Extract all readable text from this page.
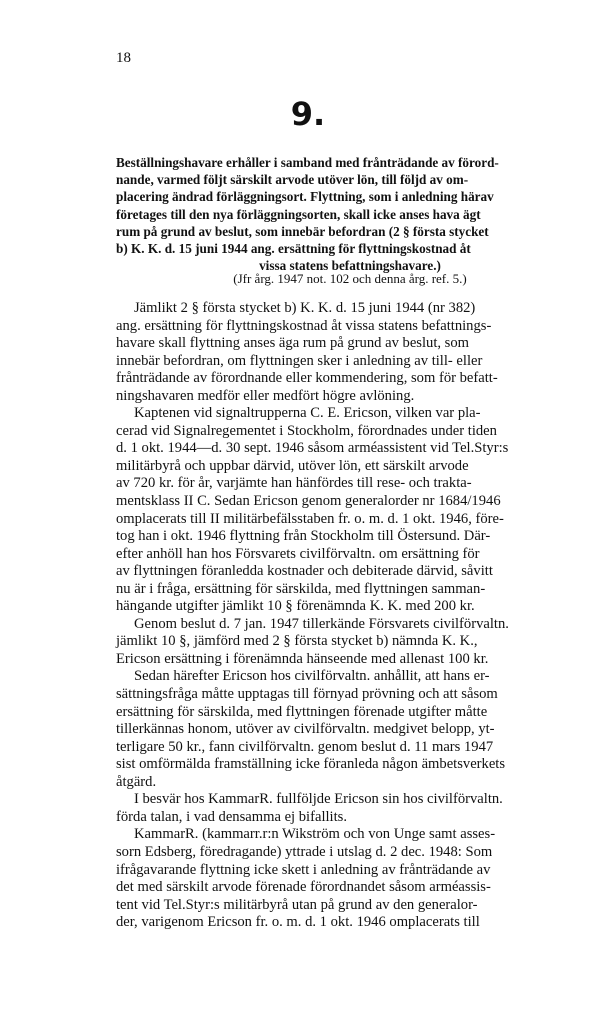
18
9.
Beställningshavare erhåller i samband med frånträdande av förord-
nande, varmed följt särskilt arvode utöver lön, till följd av om-
placering ändrad förläggningsort. Flyttning, som i anledning härav
företages till den nya förläggningsorten, skall icke anses hava ägt
rum på grund av beslut, som innebär befordran (2 § första stycket
b) K. K. d. 15 juni 1944 ang. ersättning för flyttningskostnad åt
vissa statens befattningshavare.)
(Jfr årg. 1947 not. 102 och denna årg. ref. 5.)
Jämlikt 2 § första stycket b) K. K. d. 15 juni 1944 (nr 382)
ang. ersättning för flyttningskostnad åt vissa statens befattnings-
havare skall flyttning anses äga rum på grund av beslut, som
innebär befordran, om flyttningen sker i anledning av till- eller
frånträdande av förordnande eller kommendering, som för befatt-
ningshavaren medför eller medfört högre avlöning.
Kaptenen vid signaltrupperna C. E. Ericson, vilken var pla-
cerad vid Signalregementet i Stockholm, förordnades under tiden
d. 1 okt. 1944—d. 30 sept. 1946 såsom arméassistent vid Tel.Styr:s
militärbyrå och uppbar därvid, utöver lön, ett särskilt arvode
av 720 kr. för år, varjämte han hänfördes till rese- och trakta-
mentsklass II C. Sedan Ericson genom generalorder nr 1684/1946
omplacerats till II militärbefälsstaben fr. o. m. d. 1 okt. 1946, före-
tog han i okt. 1946 flyttning från Stockholm till Östersund. Där-
efter anhöll han hos Försvarets civilförvaltn. om ersättning för
av flyttningen föranledda kostnader och debiterade därvid, såvitt
nu är i fråga, ersättning för särskilda, med flyttningen samman-
hängande utgifter jämlikt 10 § förenämnda K. K. med 200 kr.
Genom beslut d. 7 jan. 1947 tillerkände Försvarets civilförvaltn.
jämlikt 10 §, jämförd med 2 § första stycket b) nämnda K. K.,
Ericson ersättning i förenämnda hänseende med allenast 100 kr.
Sedan härefter Ericson hos civilförvaltn. anhållit, att hans er-
sättningsfråga måtte upptagas till förnyad prövning och att såsom
ersättning för särskilda, med flyttningen förenade utgifter måtte
tillerkännas honom, utöver av civilförvaltn. medgivet belopp, yt-
terligare 50 kr., fann civilförvaltn. genom beslut d. 11 mars 1947
sist omförmälda framställning icke föranleda någon ämbetsverkets
åtgärd.
I besvär hos KammarR. fullföljde Ericson sin hos civilförvaltn.
förda talan, i vad densamma ej bifallits.
KammarR. (kammarr.r:n Wikström och von Unge samt asses-
sorn Edsberg, föredragande) yttrade i utslag d. 2 dec. 1948: Som
ifrågavarande flyttning icke skett i anledning av frånträdande av
det med särskilt arvode förenade förordnandet såsom arméassis-
tent vid Tel.Styr:s militärbyrå utan på grund av den generalor-
der, varigenom Ericson fr. o. m. d. 1 okt. 1946 omplacerats till
